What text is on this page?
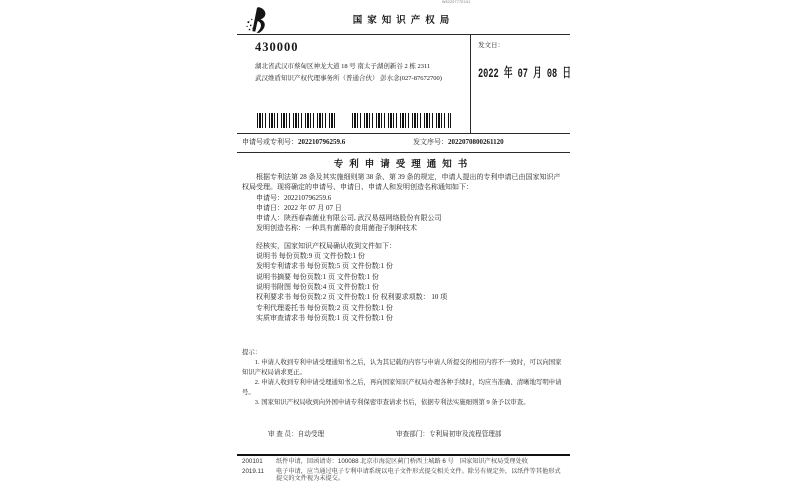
国家知识产权局
W5220777E101
430000
湖北省武汉市蔡甸区神龙大道 18 号 南太子湖创新谷 2 栋 2311
武汉维盾知识产权代理事务所（普通合伙） 彭水念(027-87672700)
发文日：
2022 年 07 月 08 日
申请号或专利号：202210796259.6	发文序号：2022070800261120
专利申请受理通知书
根据专利法第 28 条及其实施细则第 38 条、第 39 条的规定，申请人提出的专利申请已由国家知识产权局受理。现将确定的申请号、申请日、申请人和发明创造名称通知如下：
申请号：202210796259.6
申请日：2022 年 07 月 07 日
申请人：陕西春森菌业有限公司, 武汉易菇网络股份有限公司
发明创造名称：一种具有菌幕的食用菌孢子制种技术
经核实，国家知识产权局确认收到文件如下：
说明书 每份页数:9 页 文件份数:1 份
发明专利请求书 每份页数:5 页 文件份数:1 份
说明书摘要 每份页数:1 页 文件份数:1 份
说明书附图 每份页数:4 页 文件份数:1 份
权利要求书 每份页数:2 页 文件份数:1 份 权利要求项数： 10 项
专利代理委托书 每份页数:2 页 文件份数:1 份
实质审查请求书 每份页数:1 页 文件份数:1 份
提示：
1. 申请人收到专利申请受理通知书之后，认为其记载的内容与申请人所提交的相应内容不一致时，可以向国家知识产权局请求更正。
2. 申请人收到专利申请受理通知书之后，再向国家知识产权局办理各种手续时，均应当准确、清晰地写明申请号。
3. 国家知识产权局收到向外国申请专利保密审查请求书后，依据专利法实施细则第 9 条予以审查。
审 查 员：自动受理	审查部门：专利局初审及流程管理部
200101	纸件申请，回函请寄：100088 北京市海淀区蓟门桥西土城路 6 号　国家知识产权局受理处收
2019.11	电子申请，应当通过电子专利申请系统以电子文件形式提交相关文件。除另有规定外，以纸件等其他形式提交的文件视为未提交。
